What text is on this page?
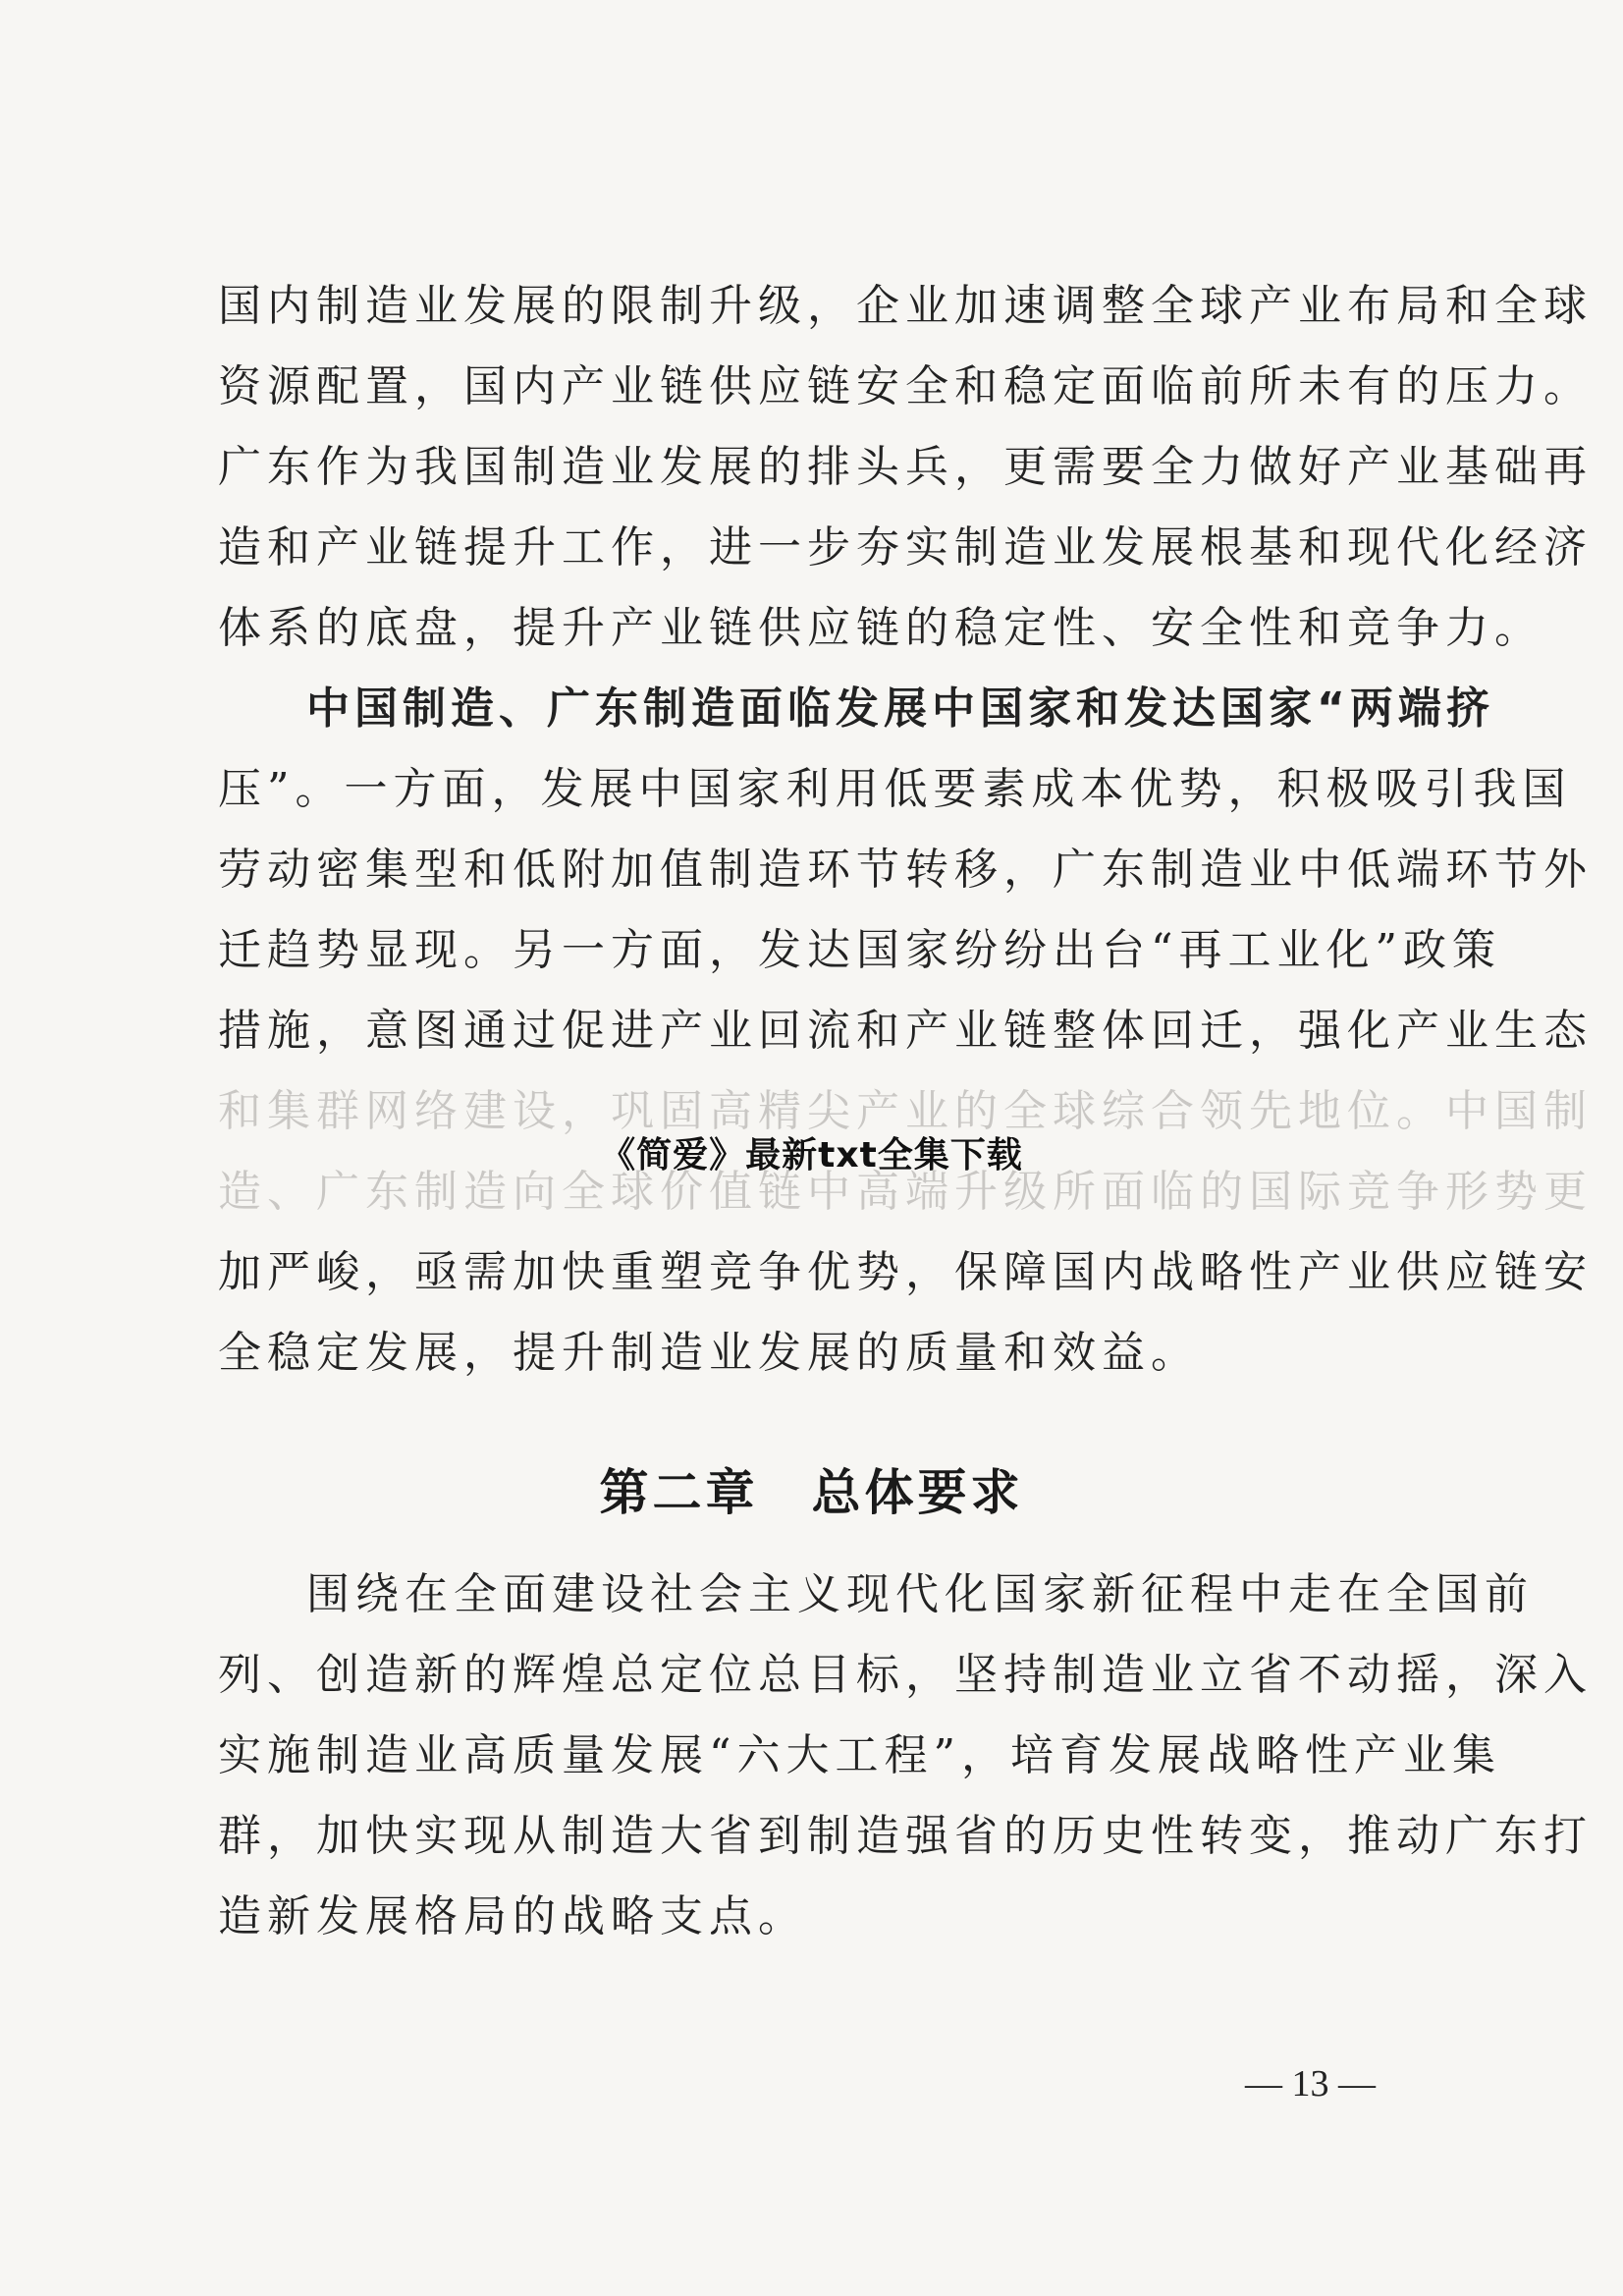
国内制造业发展的限制升级，企业加速调整全球产业布局和全球
资源配置，国内产业链供应链安全和稳定面临前所未有的压力。
广东作为我国制造业发展的排头兵，更需要全力做好产业基础再
造和产业链提升工作，进一步夯实制造业发展根基和现代化经济
体系的底盘，提升产业链供应链的稳定性、安全性和竞争力。
中国制造、广东制造面临发展中国家和发达国家“两端挤
压”。一方面，发展中国家利用低要素成本优势，积极吸引我国
劳动密集型和低附加值制造环节转移，广东制造业中低端环节外
迁趋势显现。另一方面，发达国家纷纷出台“再工业化”政策
措施，意图通过促进产业回流和产业链整体回迁，强化产业生态
和集群网络建设，巩固高精尖产业的全球综合领先地位。中国制
造、广东制造向全球价值链中高端升级所面临的国际竞争形势更
加严峻，亟需加快重塑竞争优势，保障国内战略性产业供应链安
全稳定发展，提升制造业发展的质量和效益。
《简爱》最新txt全集下载
第二章　总体要求
围绕在全面建设社会主义现代化国家新征程中走在全国前
列、创造新的辉煌总定位总目标，坚持制造业立省不动摇，深入
实施制造业高质量发展“六大工程”，培育发展战略性产业集
群，加快实现从制造大省到制造强省的历史性转变，推动广东打
造新发展格局的战略支点。
— 13 —
